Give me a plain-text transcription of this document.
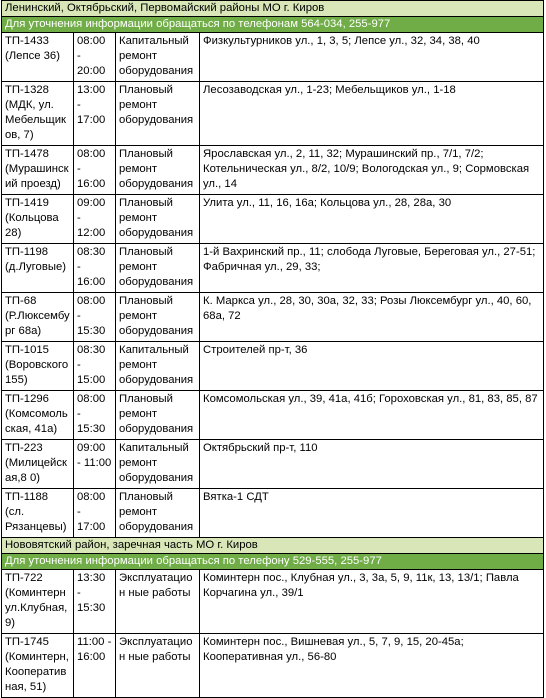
Ленинский, Октябрьский, Первомайский районы МО г. Киров			
Для уточнения информации обращаться по телефонам 564-034, 255-977			
ТП-1433 (Лепсе 36)	08:00 - 20:00	Капитальный ремонт оборудования	Физкультурников ул., 1, 3, 5; Лепсе ул., 32, 34, 38, 40
ТП-1328 (МДК, ул. Мебельщиков, 7)	13:00 - 17:00	Плановый ремонт оборудования	Лесозаводская ул., 1-23; Мебельщиков ул., 1-18
ТП-1478 (Мурашинский проезд)	08:00 - 16:00	Плановый ремонт оборудования	Ярославская ул., 2, 11, 32; Мурашинский пр., 7/1, 7/2; Котельническая ул., 8/2, 10/9; Вологодская ул., 9; Сормовская ул., 14
ТП-1419 (Кольцова 28)	09:00 - 12:00	Плановый ремонт оборудования	Улита ул., 11, 16, 16а; Кольцова ул., 28, 28а, 30
ТП-1198 (д.Луговые)	08:30 - 16:00	Плановый ремонт оборудования	1-й Вахринский пр., 11; слобода Луговые, Береговая ул., 27-51; Фабричная ул., 29, 33;
ТП-68 (Р.Люксембург 68а)	08:00 - 15:30	Плановый ремонт оборудования	К. Маркса ул., 28, 30, 30а, 32, 33; Розы Люксембург ул., 40, 60, 68а, 72
ТП-1015 (Воровского 155)	08:30 - 15:00	Капитальный ремонт оборудования	Строителей пр-т, 36
ТП-1296 (Комсомольская, 41а)	08:00 - 15:30	Плановый ремонт оборудования	Комсомольская ул., 39, 41а, 41б; Гороховская ул., 81, 83, 85, 87
ТП-223 (Милицейская,8 0)	09:00 - 11:00	Капитальный ремонт оборудования	Октябрьский пр-т, 110
ТП-1188 (сл. Рязанцевы)	08:00 - 17:00	Плановый ремонт оборудования	Вятка-1 СДТ
Нововятский район, заречная часть МО г. Киров			
Для уточнения информации обращаться по телефону 529-555, 255-977			
ТП-722 (Коминтерн ул.Клубная,9)	13:30 - 15:30	Эксплуатацион ные работы	Коминтерн пос., Клубная ул., 3, 3а, 5, 9, 11к, 13, 13/1; Павла Корчагина ул., 39/1
ТП-1745 (Коминтерн, Кооперативная, 51)	11:00 - 16:00	Эксплуатацион ные работы	Коминтерн пос., Вишневая ул., 5, 7, 9, 15, 20-45а; Кооперативная ул., 56-80
